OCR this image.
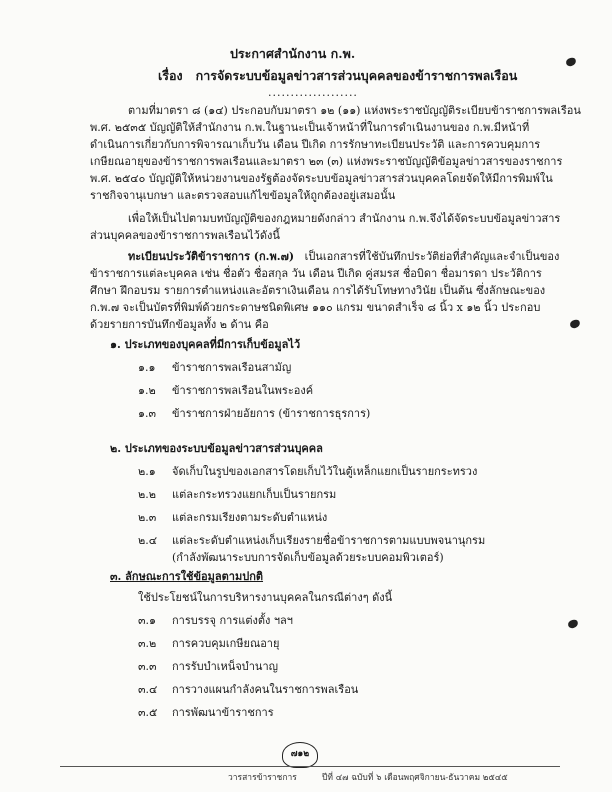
ประกาศสำนักงาน ก.พ.
เรื่อง การจัดระบบข้อมูลข่าวสารส่วนบุคคลของข้าราชการพลเรือน
....................
ตามที่มาตรา ๘ (๑๔) ประกอบกับมาตรา ๑๒ (๑๑) แห่งพระราชบัญญัติระเบียบข้าราชการพลเรือน
พ.ศ. ๒๕๓๕ บัญญัติให้สำนักงาน ก.พ.ในฐานะเป็นเจ้าหน้าที่ในการดำเนินงานของ ก.พ.มีหน้าที่
ดำเนินการเกี่ยวกับการพิจารณาเก็บวัน เดือน ปีเกิด การรักษาทะเบียนประวัติ และการควบคุมการ
เกษียณอายุของข้าราชการพลเรือนและมาตรา ๒๓ (๓) แห่งพระราชบัญญัติข้อมูลข่าวสารของราชการ
พ.ศ. ๒๕๔๐ บัญญัติให้หน่วยงานของรัฐต้องจัดระบบข้อมูลข่าวสารส่วนบุคคลโดยจัดให้มีการพิมพ์ใน
ราชกิจจานุเบกษา และตรวจสอบแก้ไขข้อมูลให้ถูกต้องอยู่เสมอนั้น
เพื่อให้เป็นไปตามบทบัญญัติของกฎหมายดังกล่าว สำนักงาน ก.พ.จึงได้จัดระบบข้อมูลข่าวสาร
ส่วนบุคคลของข้าราชการพลเรือนไว้ดังนี้
ทะเบียนประวัติข้าราชการ (ก.พ.๗) เป็นเอกสารที่ใช้บันทึกประวัติย่อที่สำคัญและจำเป็นของ
ข้าราชการแต่ละบุคคล เช่น ชื่อตัว ชื่อสกุล วัน เดือน ปีเกิด คู่สมรส ชื่อบิดา ชื่อมารดา ประวัติการ
ศึกษา ฝึกอบรม รายการตำแหน่งและอัตราเงินเดือน การได้รับโทษทางวินัย เป็นต้น ซึ่งลักษณะของ
ก.พ.๗ จะเป็นบัตรที่พิมพ์ด้วยกระดาษชนิดพิเศษ ๑๑๐ แกรม ขนาดสำเร็จ ๘ นิ้ว x ๑๒ นิ้ว ประกอบ
ด้วยรายการบันทึกข้อมูลทั้ง ๒ ด้าน คือ
๑. ประเภทของบุคคลที่มีการเก็บข้อมูลไว้
๑.๑ ข้าราชการพลเรือนสามัญ
๑.๒ ข้าราชการพลเรือนในพระองค์
๑.๓ ข้าราชการฝ่ายอัยการ (ข้าราชการธุรการ)
๒. ประเภทของระบบข้อมูลข่าวสารส่วนบุคคล
๒.๑ จัดเก็บในรูปของเอกสารโดยเก็บไว้ในตู้เหล็กแยกเป็นรายกระทรวง
๒.๒ แต่ละกระทรวงแยกเก็บเป็นรายกรม
๒.๓ แต่ละกรมเรียงตามระดับตำแหน่ง
๒.๔ แต่ละระดับตำแหน่งเก็บเรียงรายชื่อข้าราชการตามแบบพจนานุกรม
(กำลังพัฒนาระบบการจัดเก็บข้อมูลด้วยระบบคอมพิวเตอร์)
๓. ลักษณะการใช้ข้อมูลตามปกติ
ใช้ประโยชน์ในการบริหารงานบุคคลในกรณีต่างๆ ดังนี้
๓.๑ การบรรจุ การแต่งตั้ง ฯลฯ
๓.๒ การควบคุมเกษียณอายุ
๓.๓ การรับบำเหน็จบำนาญ
๓.๔ การวางแผนกำลังคนในราชการพลเรือน
๓.๕ การพัฒนาข้าราชการ
๗๑๒
วารสารข้าราชการ	ปีที่ ๔๗ ฉบับที่ ๖ เดือนพฤศจิกายน-ธันวาคม ๒๕๔๕
